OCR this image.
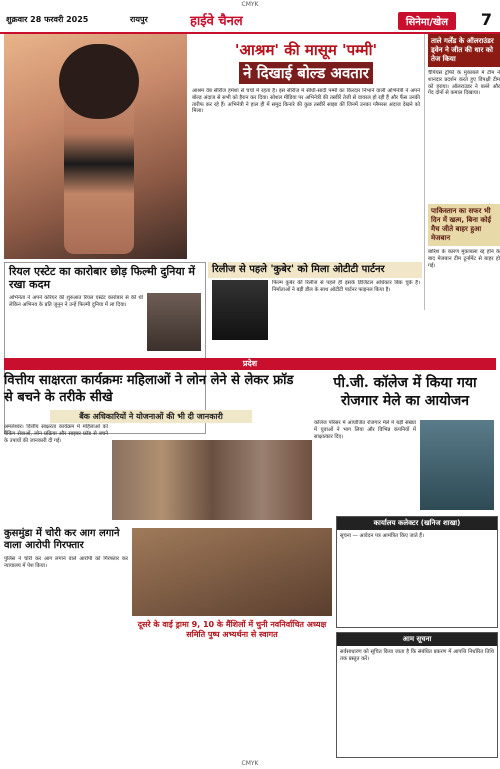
CMYK
शुक्रवार 28 फरवरी 2025	रायपुर	हाईवे चैनल	सिनेमा/खेल	7
'आश्रम' की मासूम 'पम्मी'
ने दिखाई बोल्ड अवतार
आश्रम वेब सीरीज हमेशा से चर्चा में रहता है। इस सीरीज में सीधी-सादी पम्मी का किरदार निभाने वाली अभिनेत्री ने अपने बोल्ड अंदाज से सभी को हैरान कर दिया। सोशल मीडिया पर अभिनेत्री की तस्वीरें तेजी से वायरल हो रही हैं और फैंस उनकी तारीफ कर रहे हैं। अभिनेत्री ने हाल ही में समुद्र किनारे की कुछ तस्वीरें साझा कीं जिनमें उनका ग्लैमरस अंदाज देखने को मिला।
ताले गर्लेंड के ऑलराउंडर ड्वेन ने जीत की धार को तेज किया
चैंपियंस ट्रॉफी के मुकाबले में टीम ने शानदार प्रदर्शन करते हुए विपक्षी टीम को हराया। ऑलराउंडर ने बल्ले और गेंद दोनों से कमाल दिखाया।
पाकिस्तान का सफर भी दिन में खत्म, बिना कोई मैच जीते बाहर हुआ मेजबान
बारिश के कारण मुकाबला रद्द होने के बाद मेजबान टीम टूर्नामेंट से बाहर हो गई।
रियल एस्टेट का कारोबार छोड़ फिल्मी दुनिया में रखा कदम
अभिनेता ने अपने करियर की शुरुआत रियल एस्टेट कारोबार से की थी लेकिन अभिनय के प्रति जुनून ने उन्हें फिल्मी दुनिया में ला दिया।
रिलीज से पहले 'कुबेर' को मिला ओटीटी पार्टनर
फिल्म कुबेर की रिलीज से पहले ही इसके डिजिटल अधिकार बिक चुके हैं। निर्माताओं ने बड़ी डील के साथ ओटीटी पार्टनर फाइनल किया है।
प्रदेश
वित्तीय साक्षरता कार्यक्रमः महिलाओं ने लोन लेने से लेकर फ्रॉड से बचने के तरीके सीखे
बैंक अधिकारियों ने योजनाओं की भी दी जानकारी
अमलेश्वर। वित्तीय साक्षरता कार्यक्रम में महिलाओं को बैंकिंग सेवाओं, लोन प्रक्रिया और साइबर फ्रॉड से बचने के उपायों की जानकारी दी गई।
पी.जी. कॉलेज में किया गया रोजगार मेले का आयोजन
कॉलेज परिसर में आयोजित रोजगार मेले में बड़ी संख्या में युवाओं ने भाग लिया और विभिन्न कंपनियों में साक्षात्कार दिए।
कुसमुंडा में चोरी कर आग लगाने वाला आरोपी गिरफ्तार
पुलिस ने चोरी कर आग लगाने वाले आरोपी को गिरफ्तार कर न्यायालय में पेश किया।
दूसरे के वाई ड्रामा 9, 10 के मैंशिलों में चुनी नवनिर्वाचित अध्यक्ष समिति पुष्प अभ्यर्थना से स्वागत
कार्यालय कलेक्टर (खनिज शाखा)
सूचना — आवेदन पत्र आमंत्रित किए जाते हैं।
आम सूचना
सर्वसाधारण को सूचित किया जाता है कि संबंधित प्रकरण में आपत्ति निर्धारित तिथि तक प्रस्तुत करें।
CMYK
